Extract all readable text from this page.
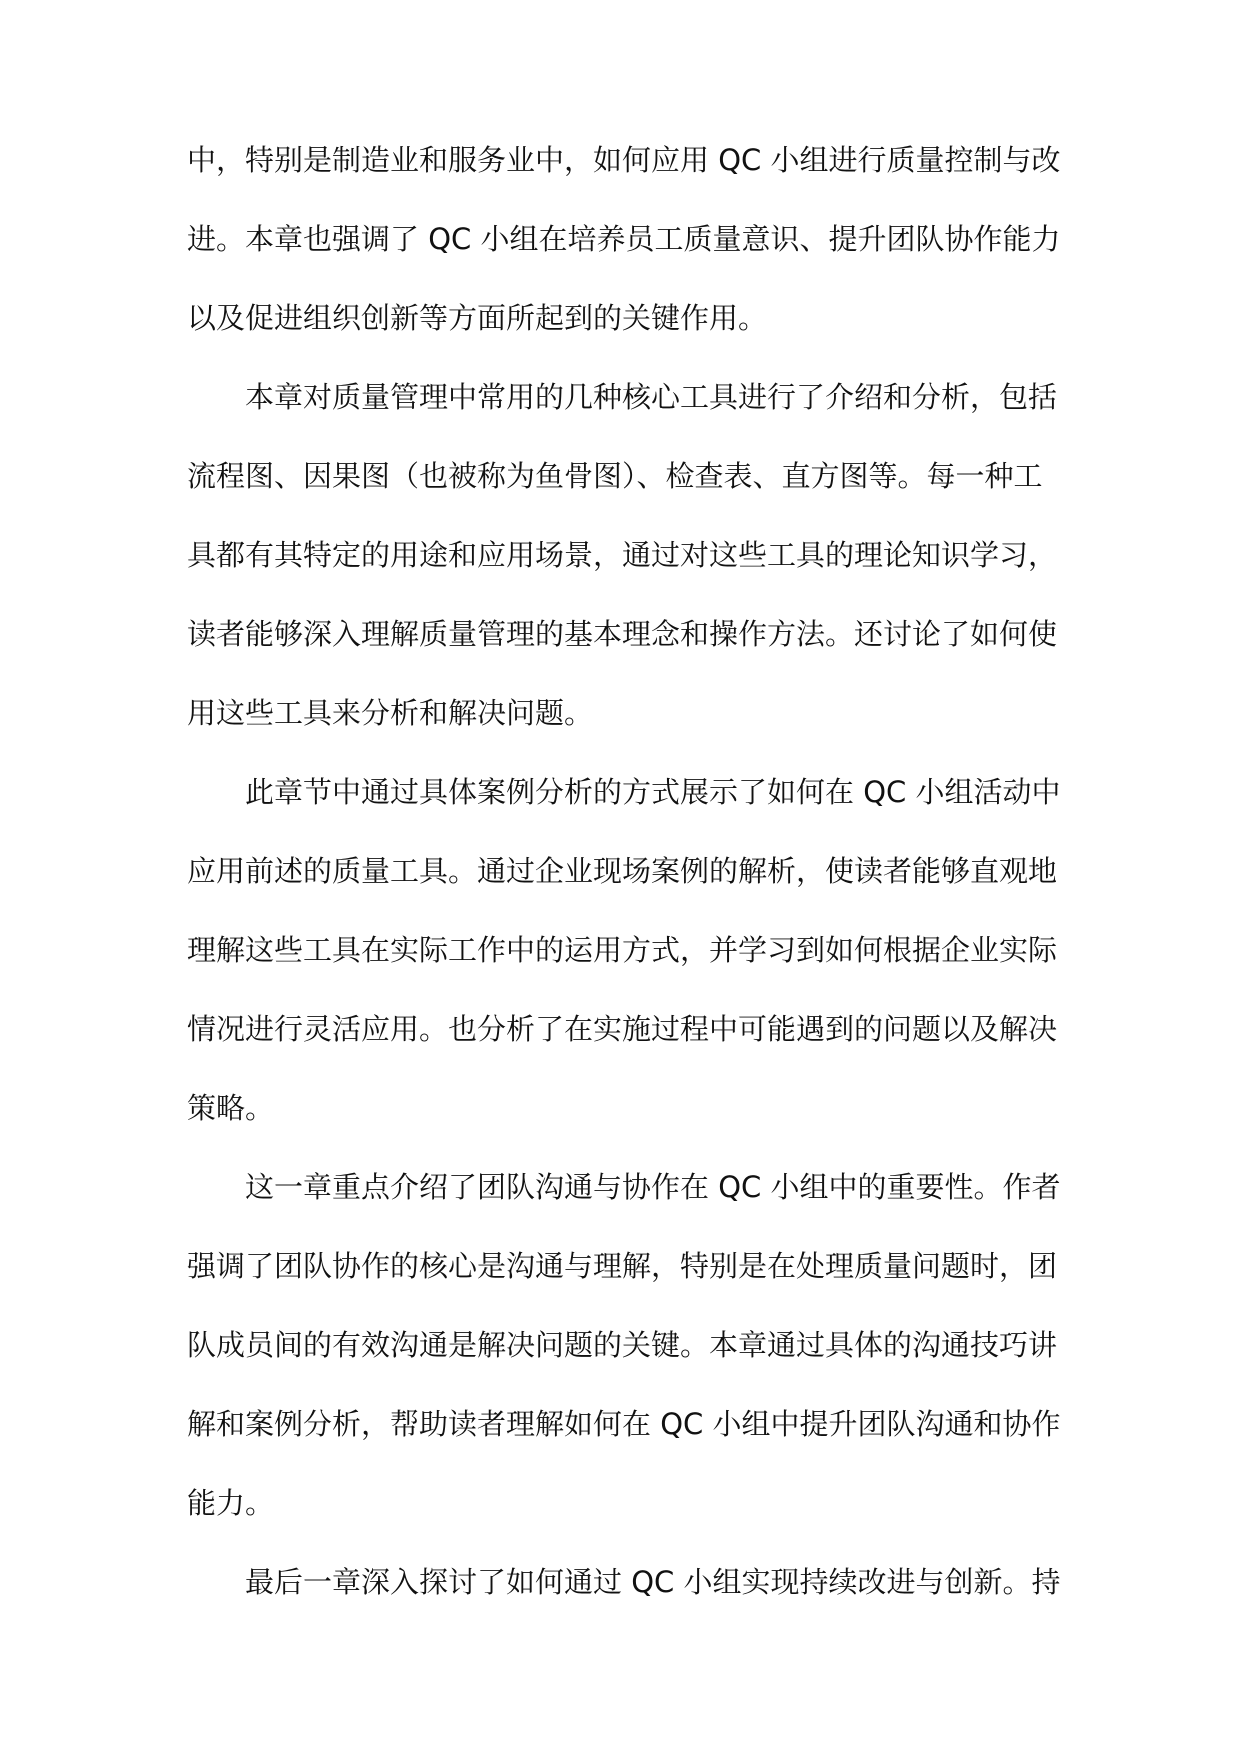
中，特别是制造业和服务业中，如何应用 QC 小组进行质量控制与改
进。本章也强调了 QC 小组在培养员工质量意识、提升团队协作能力
以及促进组织创新等方面所起到的关键作用。
本章对质量管理中常用的几种核心工具进行了介绍和分析，包括
流程图、因果图（也被称为鱼骨图）、检查表、直方图等。每一种工
具都有其特定的用途和应用场景，通过对这些工具的理论知识学习，
读者能够深入理解质量管理的基本理念和操作方法。还讨论了如何使
用这些工具来分析和解决问题。
此章节中通过具体案例分析的方式展示了如何在 QC 小组活动中
应用前述的质量工具。通过企业现场案例的解析，使读者能够直观地
理解这些工具在实际工作中的运用方式，并学习到如何根据企业实际
情况进行灵活应用。也分析了在实施过程中可能遇到的问题以及解决
策略。
这一章重点介绍了团队沟通与协作在 QC 小组中的重要性。作者
强调了团队协作的核心是沟通与理解，特别是在处理质量问题时，团
队成员间的有效沟通是解决问题的关键。本章通过具体的沟通技巧讲
解和案例分析，帮助读者理解如何在 QC 小组中提升团队沟通和协作
能力。
最后一章深入探讨了如何通过 QC 小组实现持续改进与创新。持
